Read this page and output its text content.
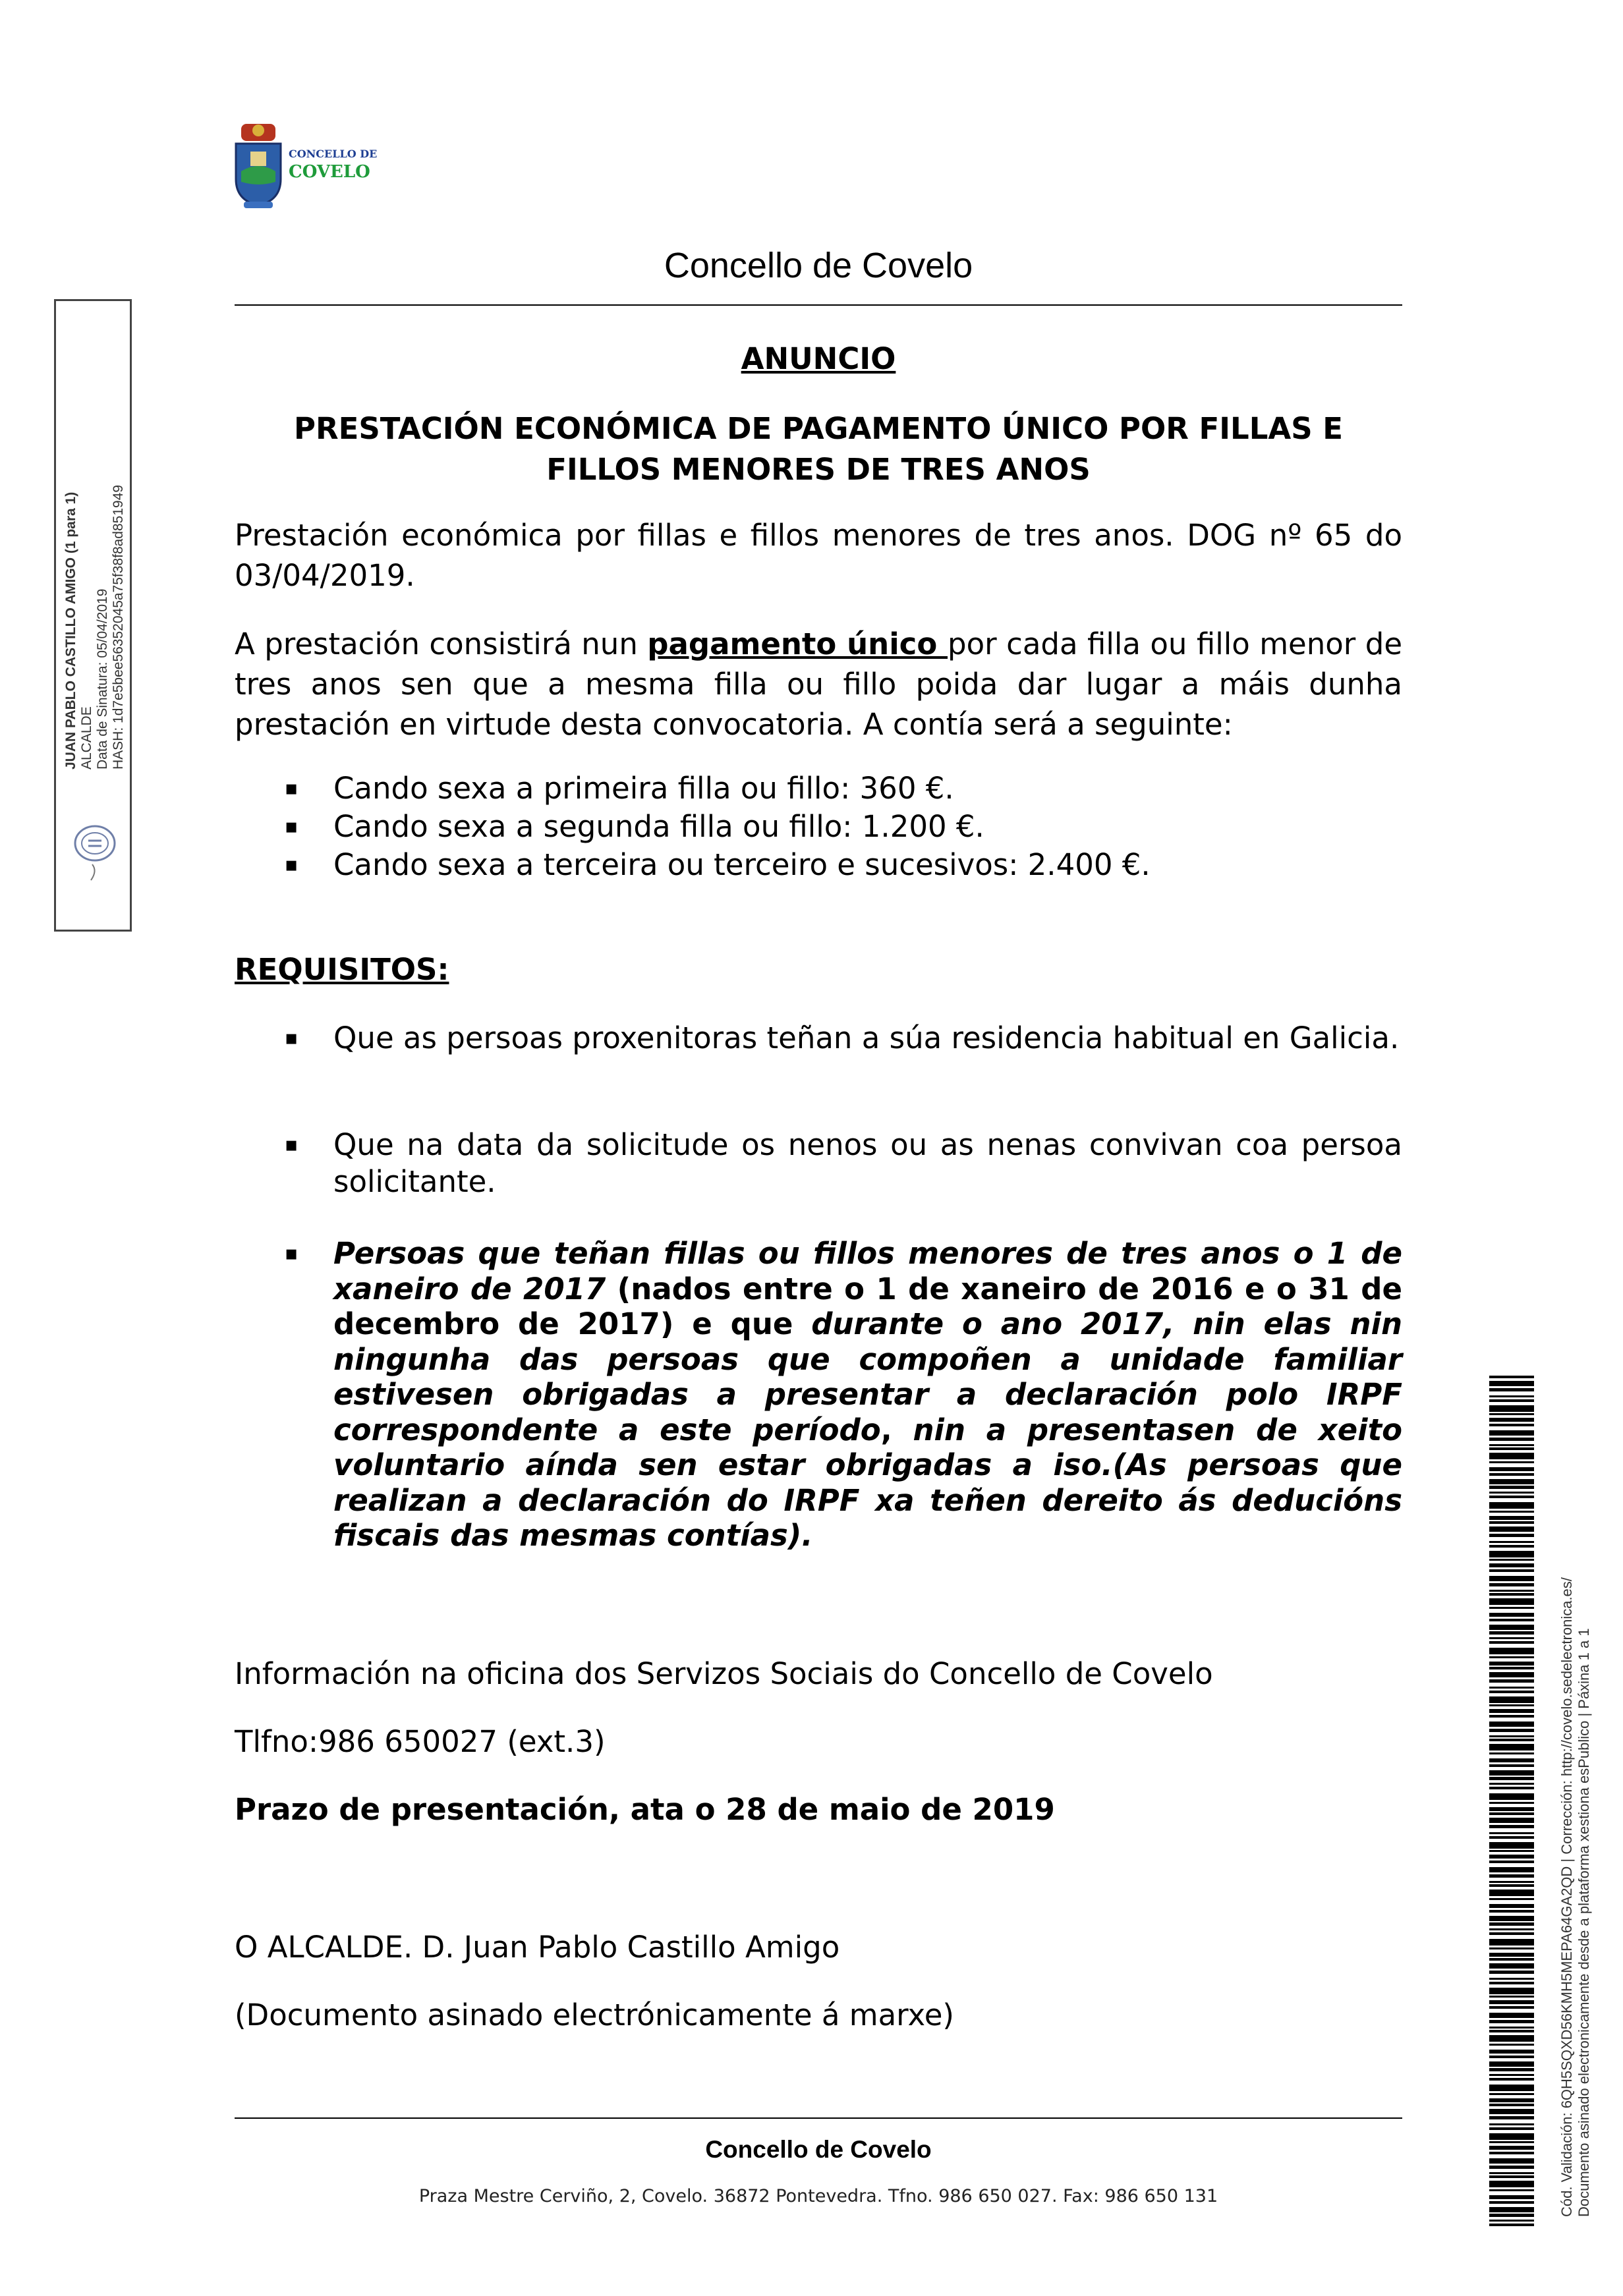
CONCELLO DE
COVELO
Concello de Covelo
ANUNCIO
PRESTACIÓN ECONÓMICA DE PAGAMENTO ÚNICO POR FILLAS E
FILLOS MENORES DE TRES ANOS
Prestación económica por fillas e fillos menores de tres anos. DOG nº 65 do 03/04/2019.
A prestación consistirá nun pagamento único por cada filla ou fillo menor de tres anos sen que a mesma filla ou fillo poida dar lugar a máis dunha prestación en virtude desta convocatoria. A contía será a seguinte:
▪ Cando sexa a primeira filla ou fillo: 360 €.
▪ Cando sexa a segunda filla ou fillo: 1.200 €.
▪ Cando sexa a terceira ou terceiro e sucesivos: 2.400 €.
REQUISITOS:
▪ Que as persoas proxenitoras teñan a súa residencia habitual en Galicia.
▪ Que na data da solicitude os nenos ou as nenas convivan coa persoa solicitante.
▪ Persoas que teñan fillas ou fillos menores de tres anos o 1 de xaneiro de 2017 (nados entre o 1 de xaneiro de 2016 e o 31 de decembro de 2017) e que durante o ano 2017, nin elas nin ningunha das persoas que compoñen a unidade familiar estivesen obrigadas a presentar a declaración polo IRPF correspondente a este período, nin a presentasen de xeito voluntario aínda sen estar obrigadas a iso.(As persoas que realizan a declaración do IRPF xa teñen dereito ás deducións fiscais das mesmas contías).
Información na oficina dos Servizos Sociais do Concello de Covelo
Tlfno:986 650027 (ext.3)
Prazo de presentación, ata o 28 de maio de 2019
O ALCALDE. D. Juan Pablo Castillo Amigo
(Documento asinado electrónicamente á marxe)
Concello de Covelo
Praza Mestre Cerviño, 2, Covelo. 36872 Pontevedra. Tfno. 986 650 027. Fax: 986 650 131
JUAN PABLO CASTILLO AMIGO (1 para 1) ALCALDE Data de Sinatura: 05/04/2019 HASH: 1d7e5bee56352045a75f38f8ad851949
Cód. Validación: 6QH5SQXD56KMH5MEPA64GA2QD | Corrección: http://covelo.sedelectronica.es/ Documento asinado electronicamente desde a plataforma xestiona esPublico | Páxina 1 a 1
